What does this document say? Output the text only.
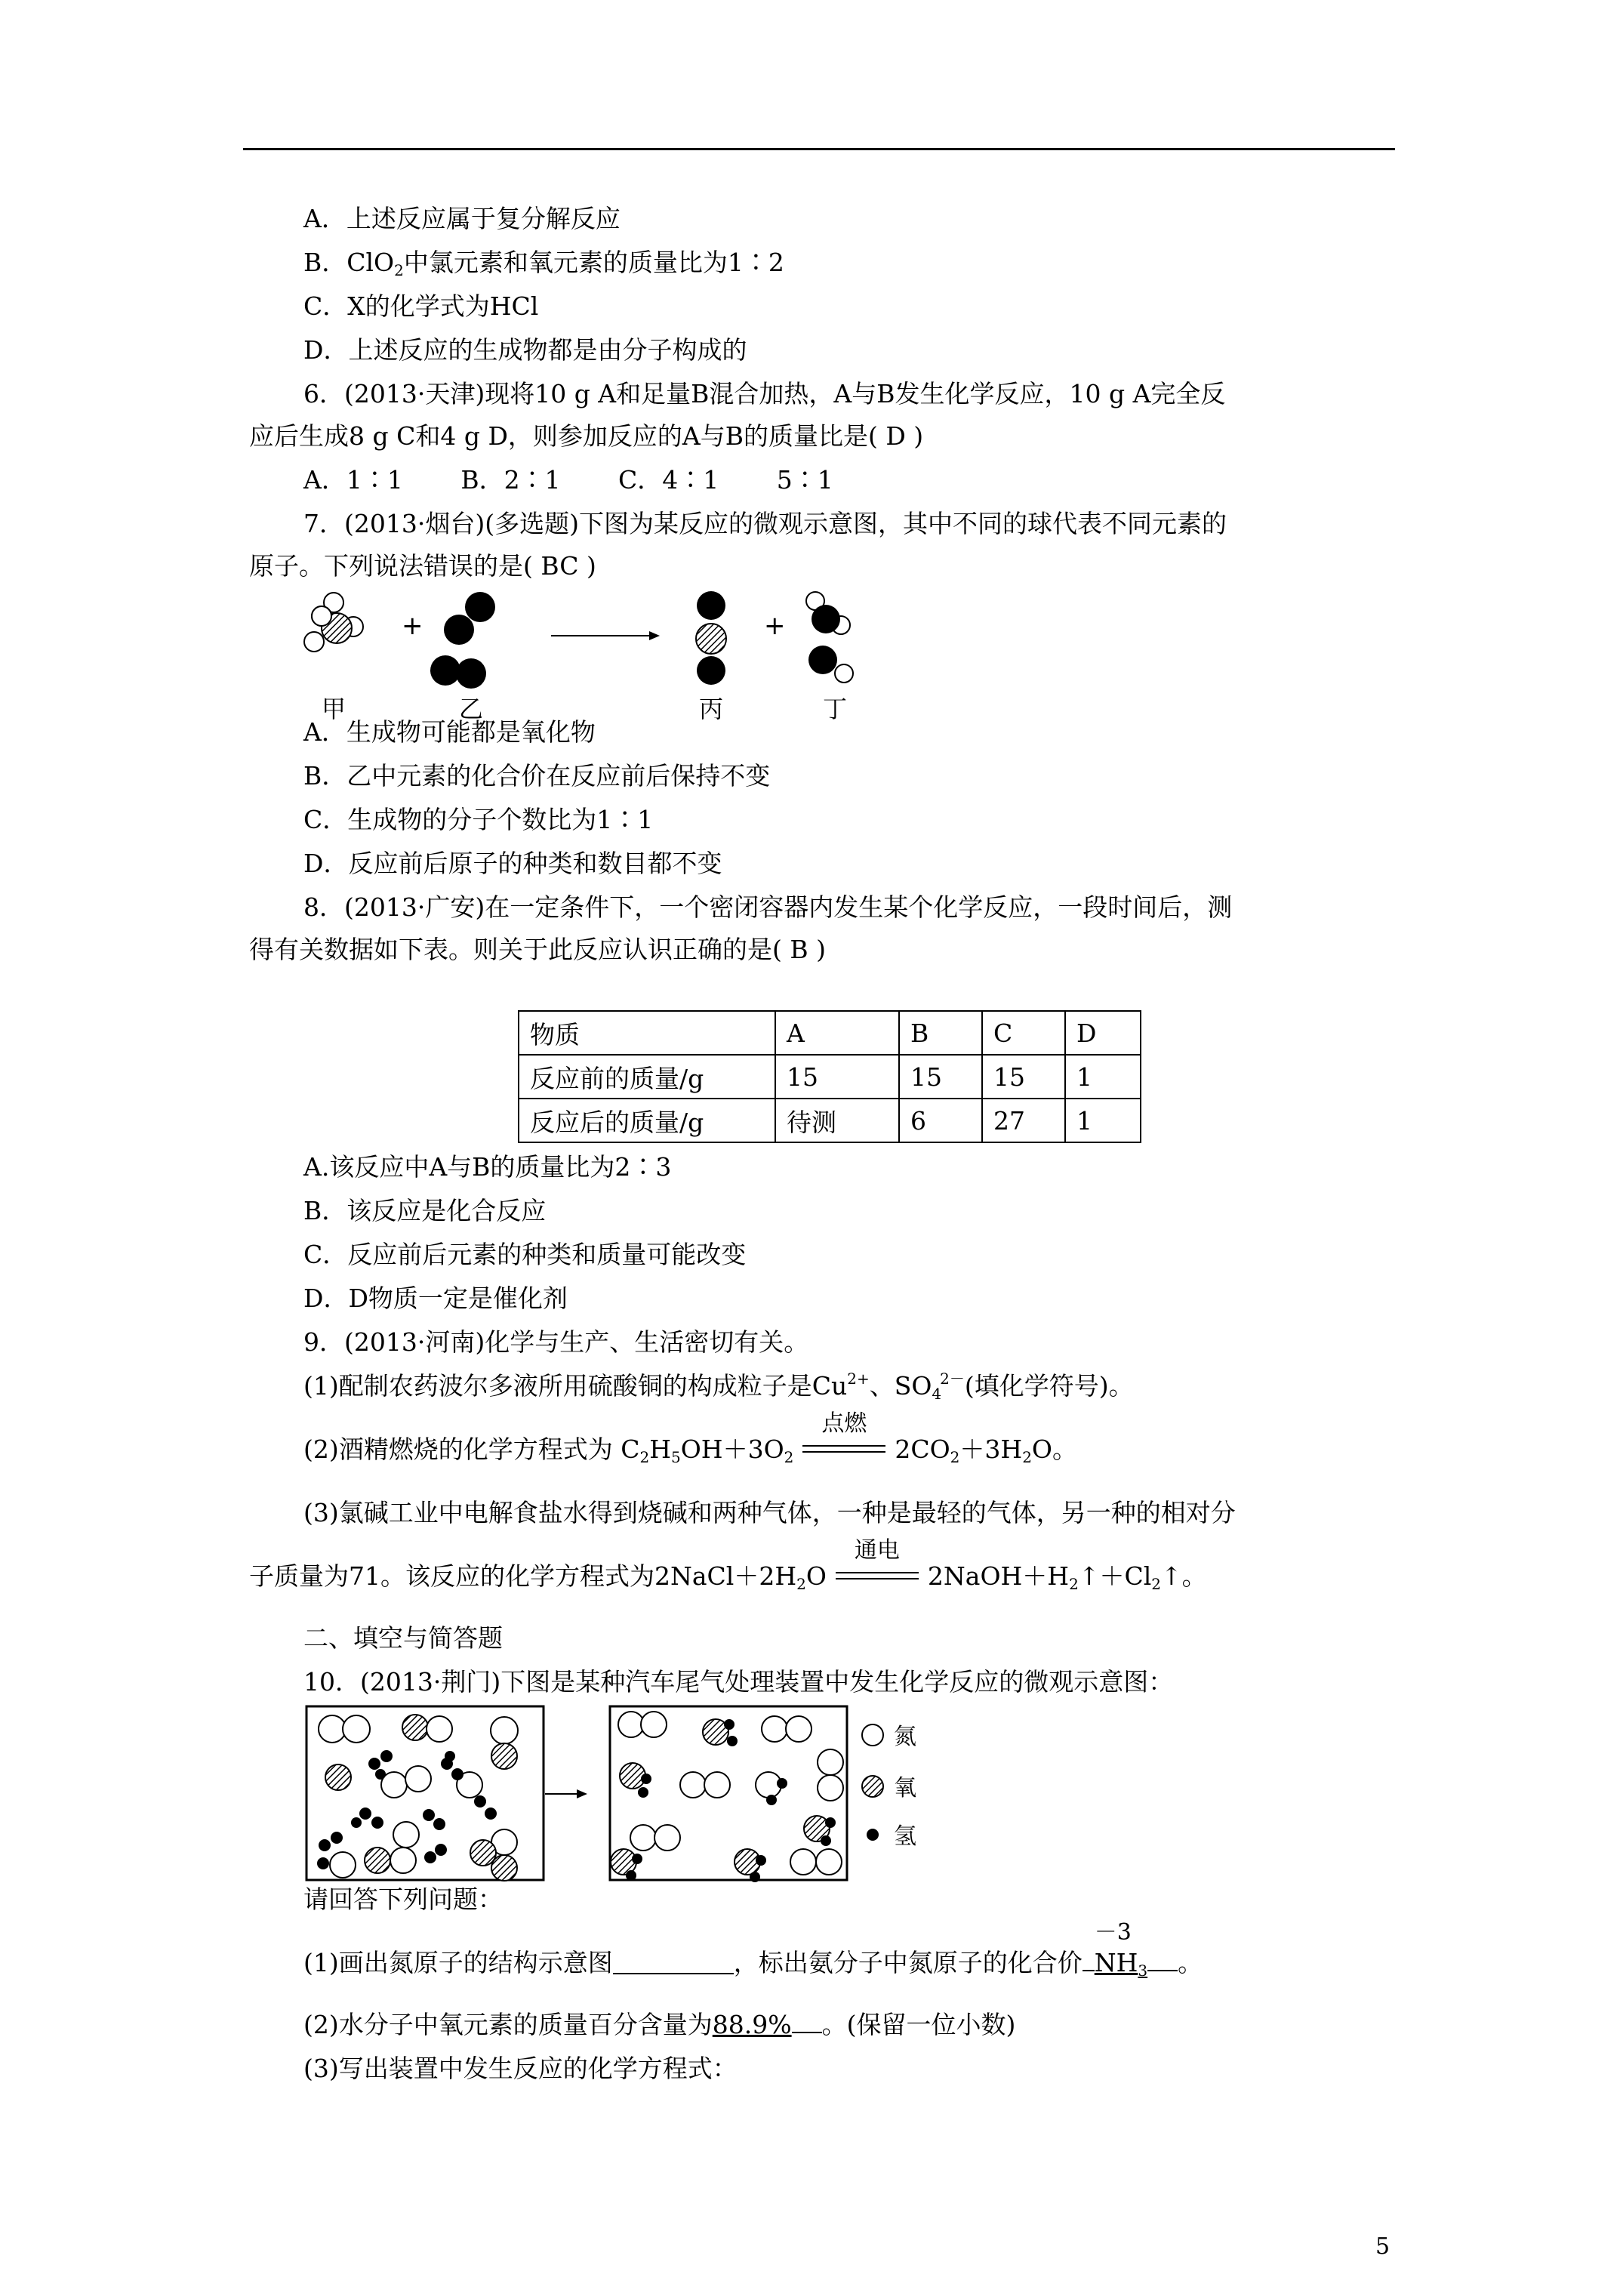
A．上述反应属于复分解反应
B．ClO$_2$中氯元素和氧元素的质量比为1∶2
C．X的化学式为HCl
D．上述反应的生成物都是由分子构成的
6．(2013·天津)现将10 g A和足量B混合加热，A与B发生化学反应，10 g A完全反
应后生成8 g C和4 g D，则参加反应的A与B的质量比是( D )
A．1∶1　　 B．2∶1　　 C．4∶1　　 5∶1
7．(2013·烟台)(多选题)下图为某反应的微观示意图，其中不同的球代表不同元素的
原子。下列说法错误的是( BC )
+	+
甲	乙	丙	丁
A．生成物可能都是氧化物
B．乙中元素的化合价在反应前后保持不变
C．生成物的分子个数比为1∶1
D．反应前后原子的种类和数目都不变
8．(2013·广安)在一定条件下，一个密闭容器内发生某个化学反应，一段时间后，测
得有关数据如下表。则关于此反应认识正确的是( B )
物质	A	B	C	D
反应前的质量/g	15	15	15	1
反应后的质量/g	待测	6	27	1
A.该反应中A与B的质量比为2∶3
B．该反应是化合反应
C．反应前后元素的种类和质量可能改变
D．D物质一定是催化剂
9．(2013·河南)化学与生产、生活密切有关。
(1)配制农药波尔多液所用硫酸铜的构成粒子是$Cu^{2+}$、$SO_4^{2-}$(填化学符号)。
(2)酒精燃烧的化学方程式为 $C_2H_5OH+3O_2$
点燃
$2CO_2+3H_2O$。
(3)氯碱工业中电解食盐水得到烧碱和两种气体，一种是最轻的气体，另一种的相对分
子质量为71。该反应的化学方程式为$2NaCl+2H_2O$
通电
$2NaOH+H_2↑+Cl_2↑$。
二、填空与简答题
10．(2013·荆门)下图是某种汽车尾气处理装置中发生化学反应的微观示意图：
氮
氧
氢
请回答下列问题：
(1)画出氮原子的结构示意图	，标出氨分子中氮原子的化合价
－3
$NH_3$ 。
(2)水分子中氧元素的质量百分含量为88.9% 。(保留一位小数)
(3)写出装置中发生反应的化学方程式：
5
